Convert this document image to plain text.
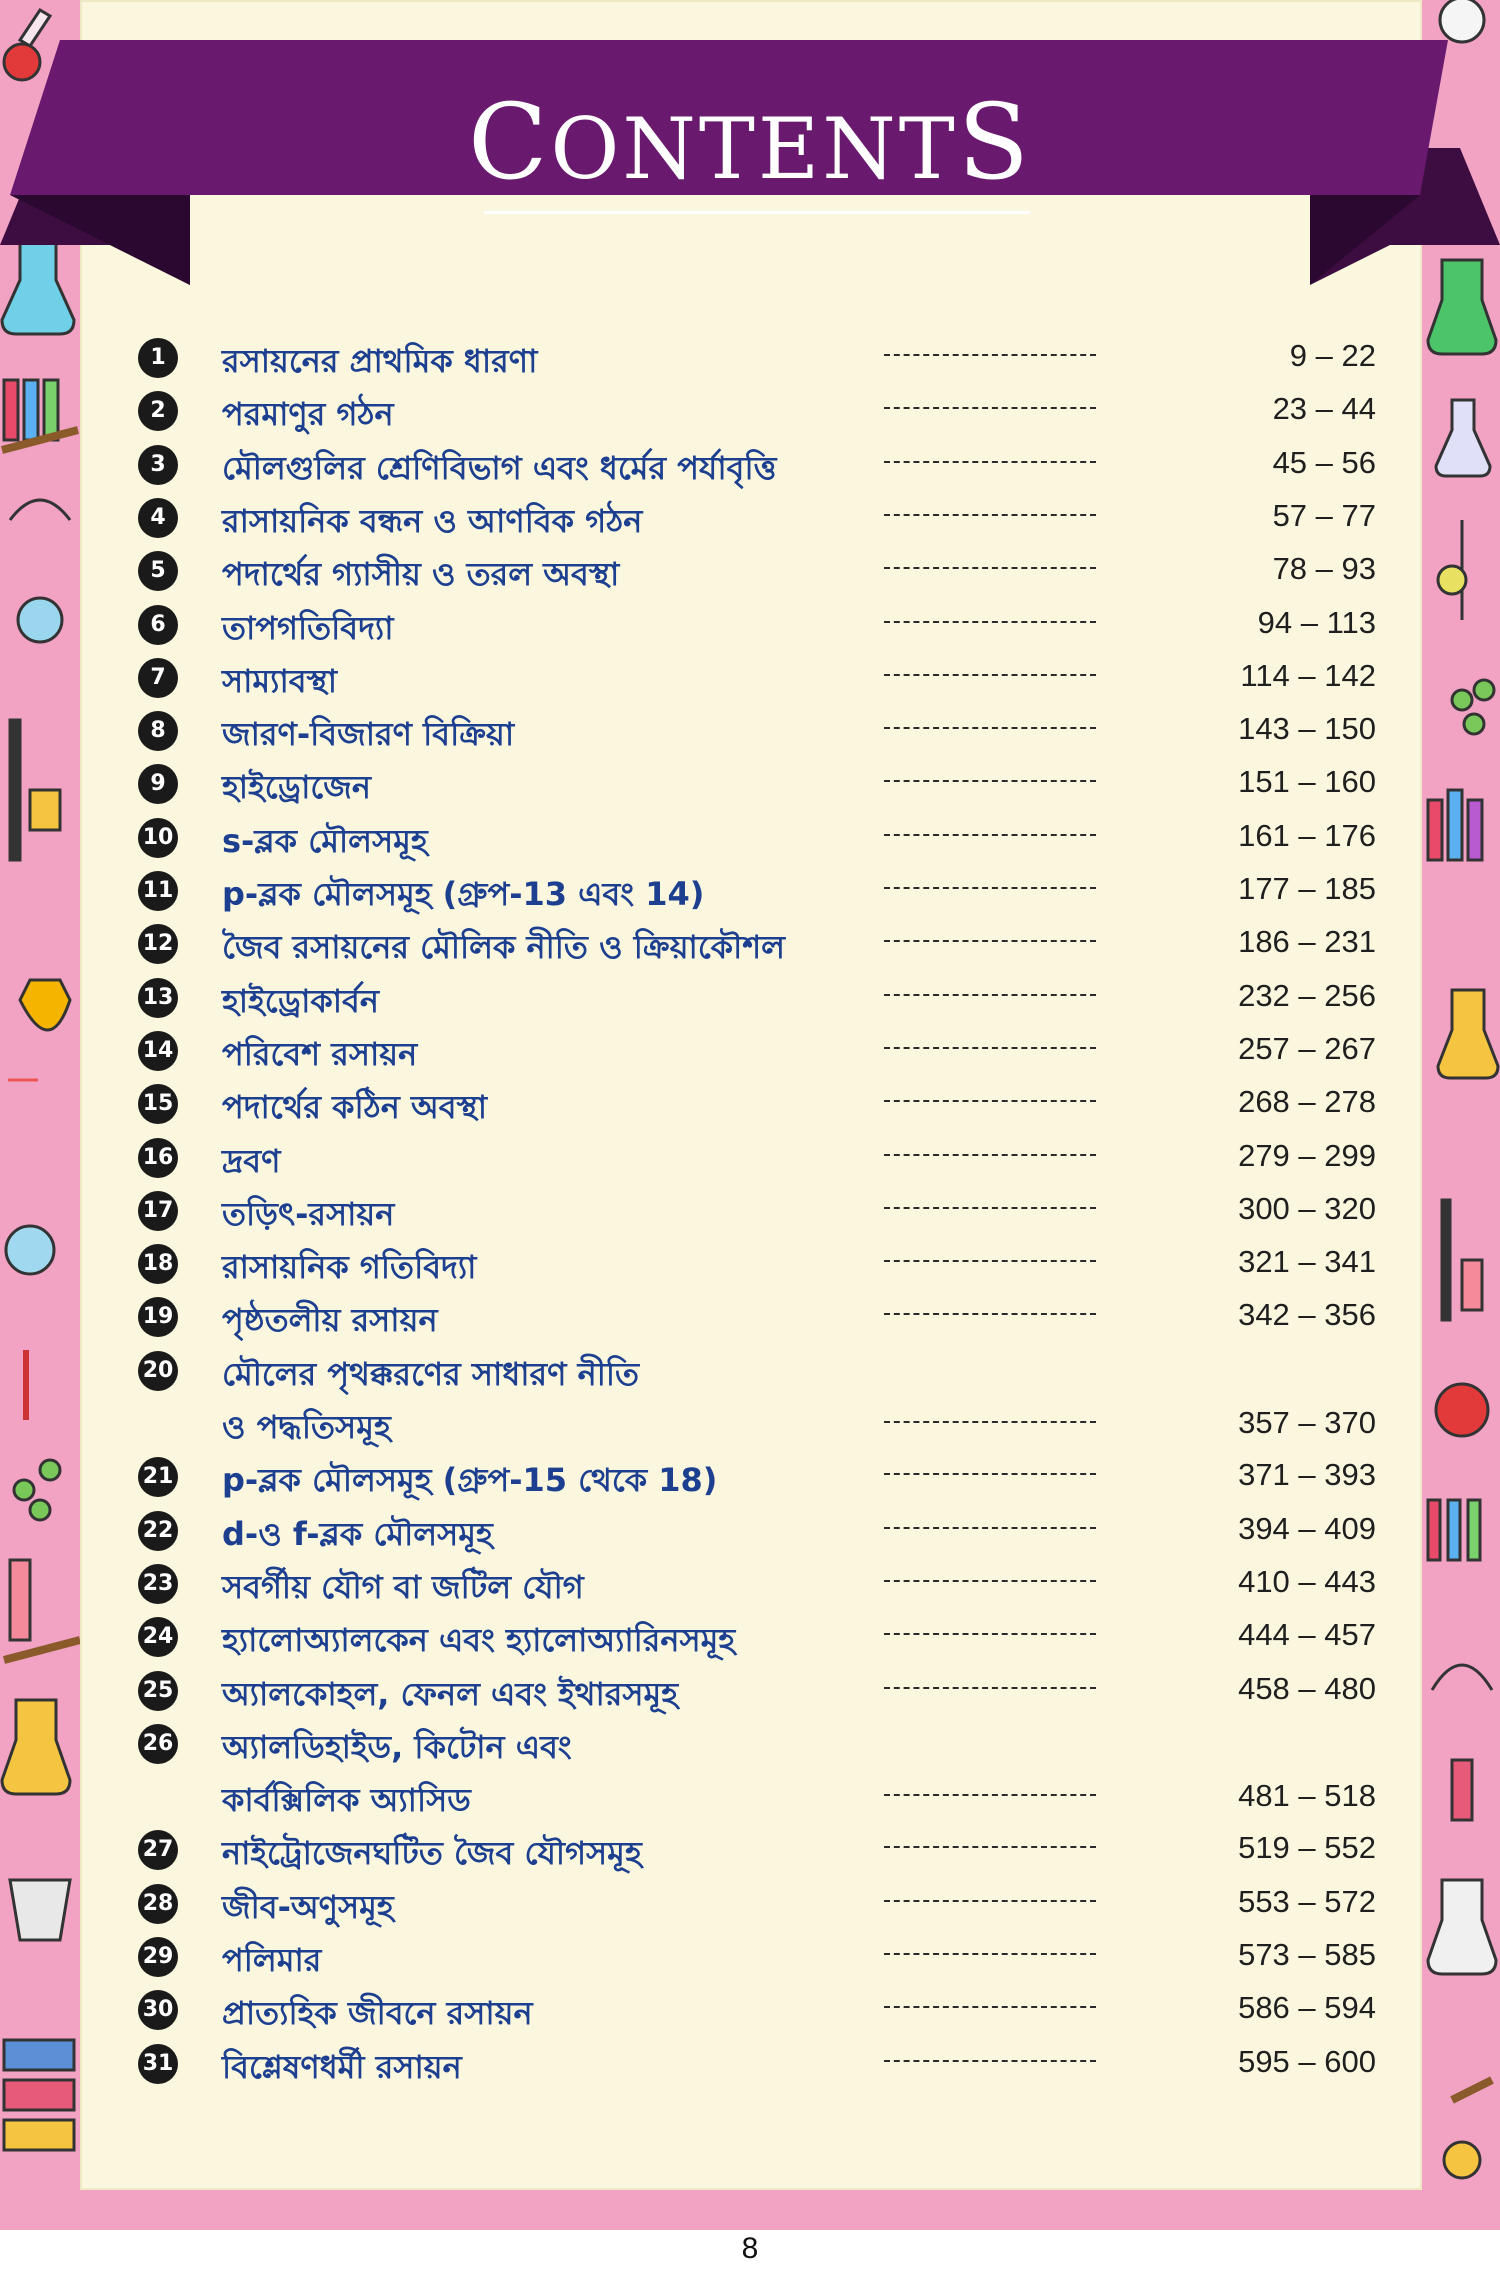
CONTENTS
1	রসায়নের প্রাথমিক ধারণা	9 – 22
2	পরমাণুর গঠন	23 – 44
3	মৌলগুলির শ্রেণিবিভাগ এবং ধর্মের পর্যাবৃত্তি	45 – 56
4	রাসায়নিক বন্ধন ও আণবিক গঠন	57 – 77
5	পদার্থের গ্যাসীয় ও তরল অবস্থা	78 – 93
6	তাপগতিবিদ্যা	94 – 113
7	সাম্যাবস্থা	114 – 142
8	জারণ-বিজারণ বিক্রিয়া	143 – 150
9	হাইড্রোজেন	151 – 160
10 s-ব্লক মৌলসমূহ	161 – 176
11 p-ব্লক মৌলসমূহ (গ্রুপ-13 এবং 14)	177 – 185
12 জৈব রসায়নের মৌলিক নীতি ও ক্রিয়াকৌশল	186 – 231
13 হাইড্রোকার্বন	232 – 256
14 পরিবেশ রসায়ন	257 – 267
15 পদার্থের কঠিন অবস্থা	268 – 278
16 দ্রবণ	279 – 299
17 তড়িৎ-রসায়ন	300 – 320
18 রাসায়নিক গতিবিদ্যা	321 – 341
19 পৃষ্ঠতলীয় রসায়ন	342 – 356
20 মৌলের পৃথক্করণের সাধারণ নীতি
ও পদ্ধতিসমূহ	357 – 370
21 p-ব্লক মৌলসমূহ (গ্রুপ-15 থেকে 18)	371 – 393
22 d-ও f-ব্লক মৌলসমূহ	394 – 409
23 সবর্গীয় যৌগ বা জটিল যৌগ	410 – 443
24 হ্যালোঅ্যালকেন এবং হ্যালোঅ্যারিনসমূহ	444 – 457
25 অ্যালকোহল, ফেনল এবং ইথারসমূহ	458 – 480
26 অ্যালডিহাইড, কিটোন এবং
কার্বক্সিলিক অ্যাসিড	481 – 518
27 নাইট্রোজেনঘটিত জৈব যৌগসমূহ	519 – 552
28 জীব-অণুসমূহ	553 – 572
29 পলিমার	573 – 585
30 প্রাত্যহিক জীবনে রসায়ন	586 – 594
31 বিশ্লেষণধর্মী রসায়ন	595 – 600
8
